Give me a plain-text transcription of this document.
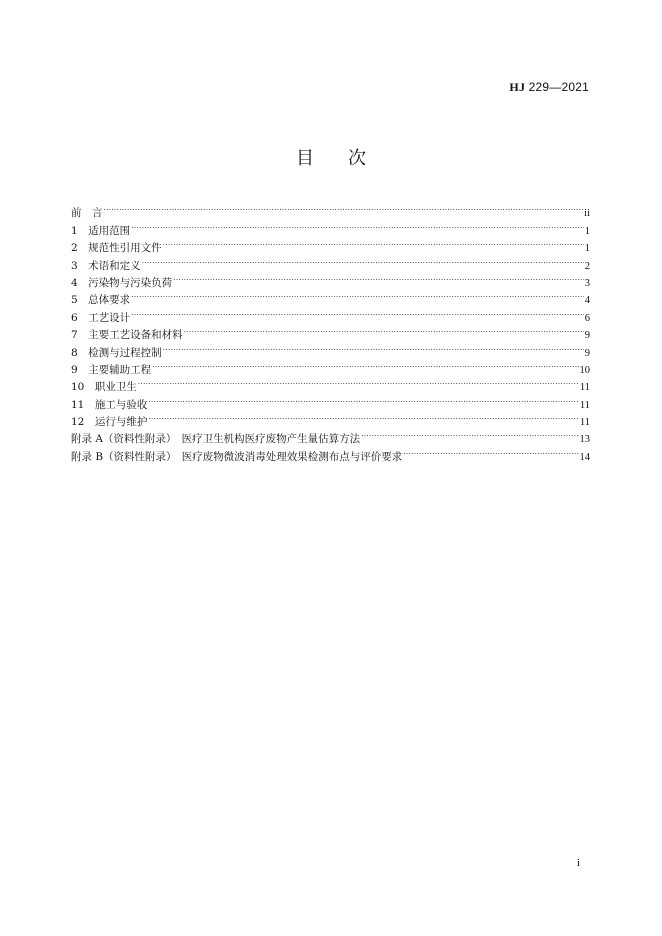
HJ 229—2021
目次
前　言 .....	ii
1　适用范围 .....	1
2　规范性引用文件 .....	1
3　术语和定义 .....	2
4　污染物与污染负荷 .....	3
5　总体要求 .....	4
6　工艺设计 .....	6
7　主要工艺设备和材料 .....	9
8　检测与过程控制 .....	9
9　主要辅助工程 .....	10
10　职业卫生 .....	11
11　施工与验收 .....	11
12　运行与维护 .....	11
附录 A（资料性附录）　医疗卫生机构医疗废物产生量估算方法 .....	13
附录 B（资料性附录）　医疗废物微波消毒处理效果检测布点与评价要求 .....	14
i
